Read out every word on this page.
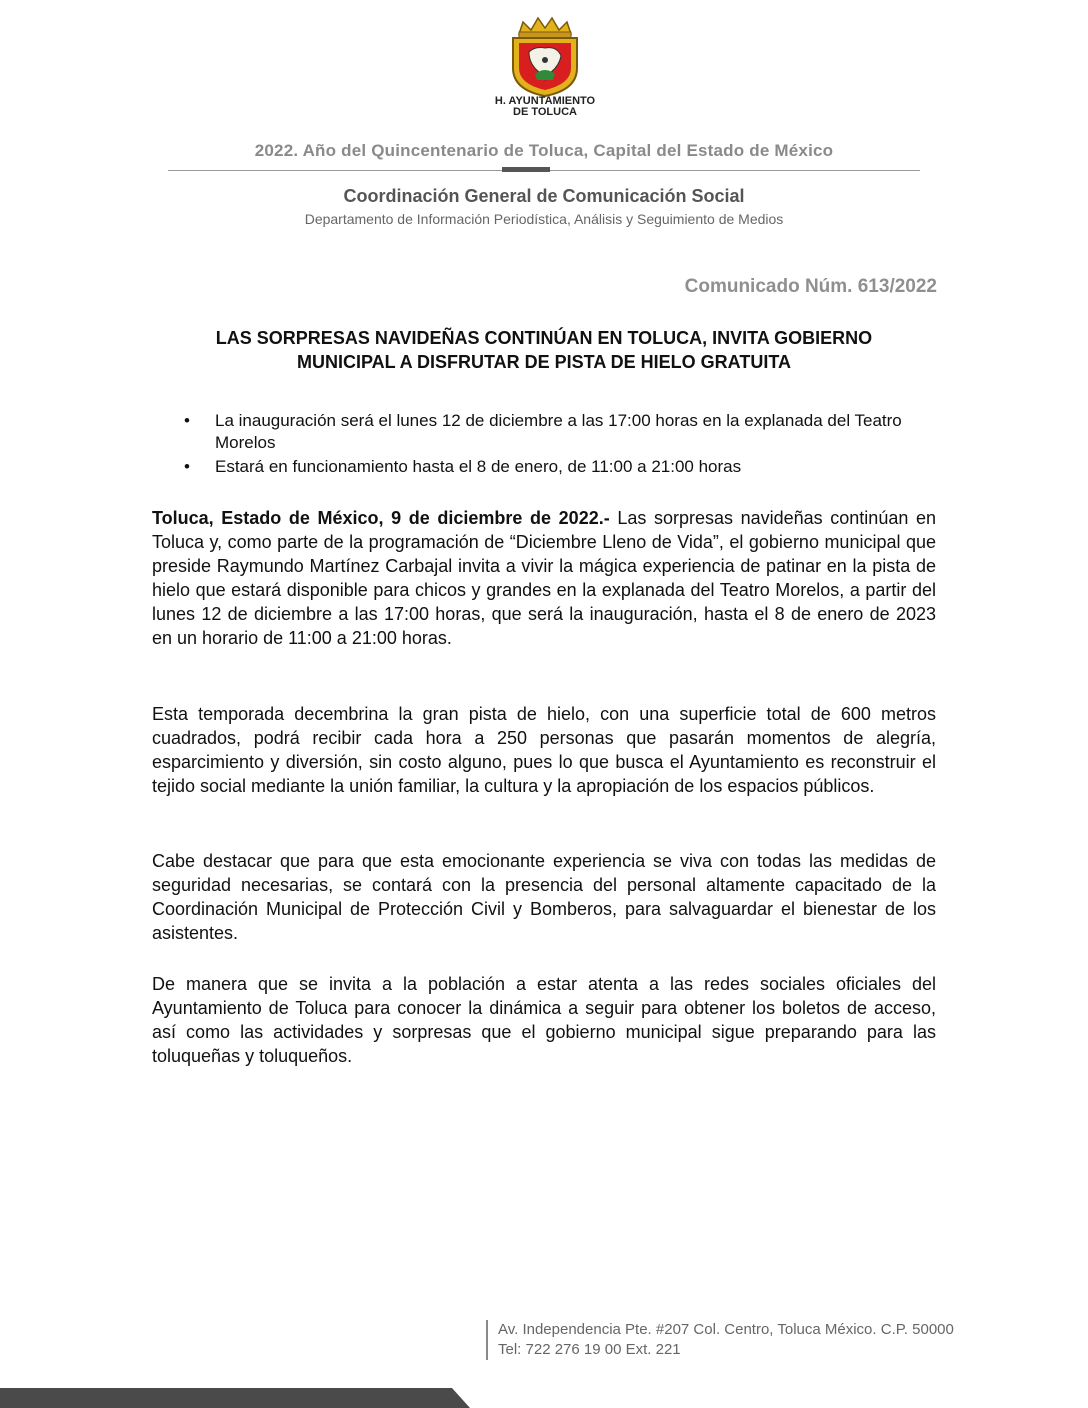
H. AYUNTAMIENTO
DE TOLUCA
2022. Año del Quincentenario de Toluca, Capital del Estado de México
Coordinación General de Comunicación Social
Departamento de Información Periodística, Análisis y Seguimiento de Medios
Comunicado Núm. 613/2022
LAS SORPRESAS NAVIDEÑAS CONTINÚAN EN TOLUCA, INVITA GOBIERNO
MUNICIPAL A DISFRUTAR DE PISTA DE HIELO GRATUITA
• La inauguración será el lunes 12 de diciembre a las 17:00 horas en la explanada del Teatro Morelos
• Estará en funcionamiento hasta el 8 de enero, de 11:00 a 21:00 horas

Toluca, Estado de México, 9 de diciembre de 2022.- Las sorpresas navideñas continúan en Toluca y, como parte de la programación de “Diciembre Lleno de Vida”, el gobierno municipal que preside Raymundo Martínez Carbajal invita a vivir la mágica experiencia de patinar en la pista de hielo que estará disponible para chicos y grandes en la explanada del Teatro Morelos, a partir del lunes 12 de diciembre a las 17:00 horas, que será la inauguración, hasta el 8 de enero de 2023 en un horario de 11:00 a 21:00 horas.

Esta temporada decembrina la gran pista de hielo, con una superficie total de 600 metros cuadrados, podrá recibir cada hora a 250 personas que pasarán momentos de alegría, esparcimiento y diversión, sin costo alguno, pues lo que busca el Ayuntamiento es reconstruir el tejido social mediante la unión familiar, la cultura y la apropiación de los espacios públicos.

Cabe destacar que para que esta emocionante experiencia se viva con todas las medidas de seguridad necesarias, se contará con la presencia del personal altamente capacitado de la Coordinación Municipal de Protección Civil y Bomberos, para salvaguardar el bienestar de los asistentes.

De manera que se invita a la población a estar atenta a las redes sociales oficiales del Ayuntamiento de Toluca para conocer la dinámica a seguir para obtener los boletos de acceso, así como las actividades y sorpresas que el gobierno municipal sigue preparando para las toluqueñas y toluqueños.

Av. Independencia Pte. #207 Col. Centro, Toluca México. C.P. 50000
Tel: 722 276 19 00 Ext. 221
